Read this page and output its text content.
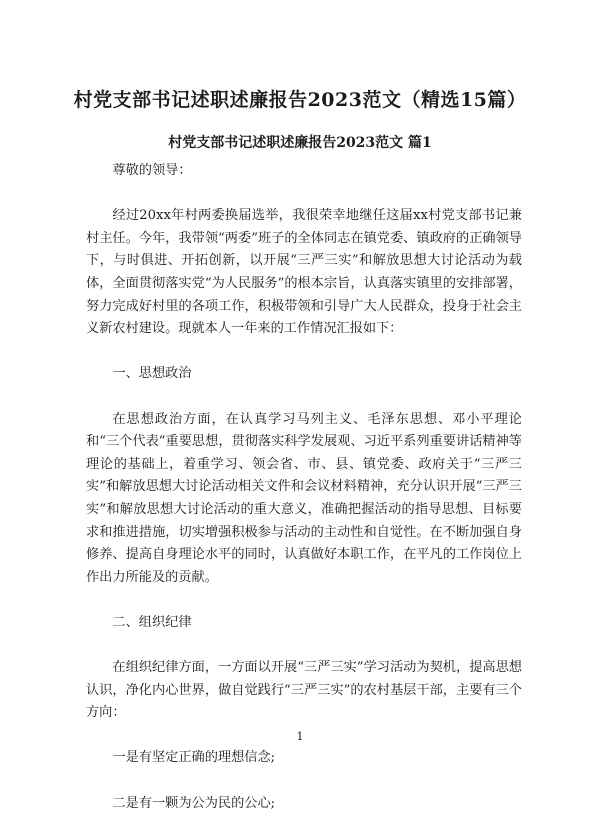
村党支部书记述职述廉报告2023范文（精选15篇）
村党支部书记述职述廉报告2023范文 篇1

尊敬的领导：

经过20xx年村两委换届选举，我很荣幸地继任这届xx村党支部书记兼村主任。今年，我带领“两委”班子的全体同志在镇党委、镇政府的正确领导下，与时俱进、开拓创新，以开展“三严三实”和解放思想大讨论活动为载体，全面贯彻落实党“为人民服务”的根本宗旨，认真落实镇里的安排部署，努力完成好村里的各项工作，积极带领和引导广大人民群众，投身于社会主义新农村建设。现就本人一年来的工作情况汇报如下：

一、思想政治

在思想政治方面，在认真学习马列主义、毛泽东思想、邓小平理论和“三个代表”重要思想，贯彻落实科学发展观、习近平系列重要讲话精神等理论的基础上，着重学习、领会省、市、县、镇党委、政府关于“三严三实”和解放思想大讨论活动相关文件和会议材料精神，充分认识开展“三严三实”和解放思想大讨论活动的重大意义，准确把握活动的指导思想、目标要求和推进措施，切实增强积极参与活动的主动性和自觉性。在不断加强自身修养、提高自身理论水平的同时，认真做好本职工作，在平凡的工作岗位上作出力所能及的贡献。

二、组织纪律

在组织纪律方面，一方面以开展“三严三实”学习活动为契机，提高思想认识，净化内心世界，做自觉践行“三严三实”的农村基层干部，主要有三个方向：

一是有坚定正确的理想信念;

二是有一颗为公为民的公心;

1
